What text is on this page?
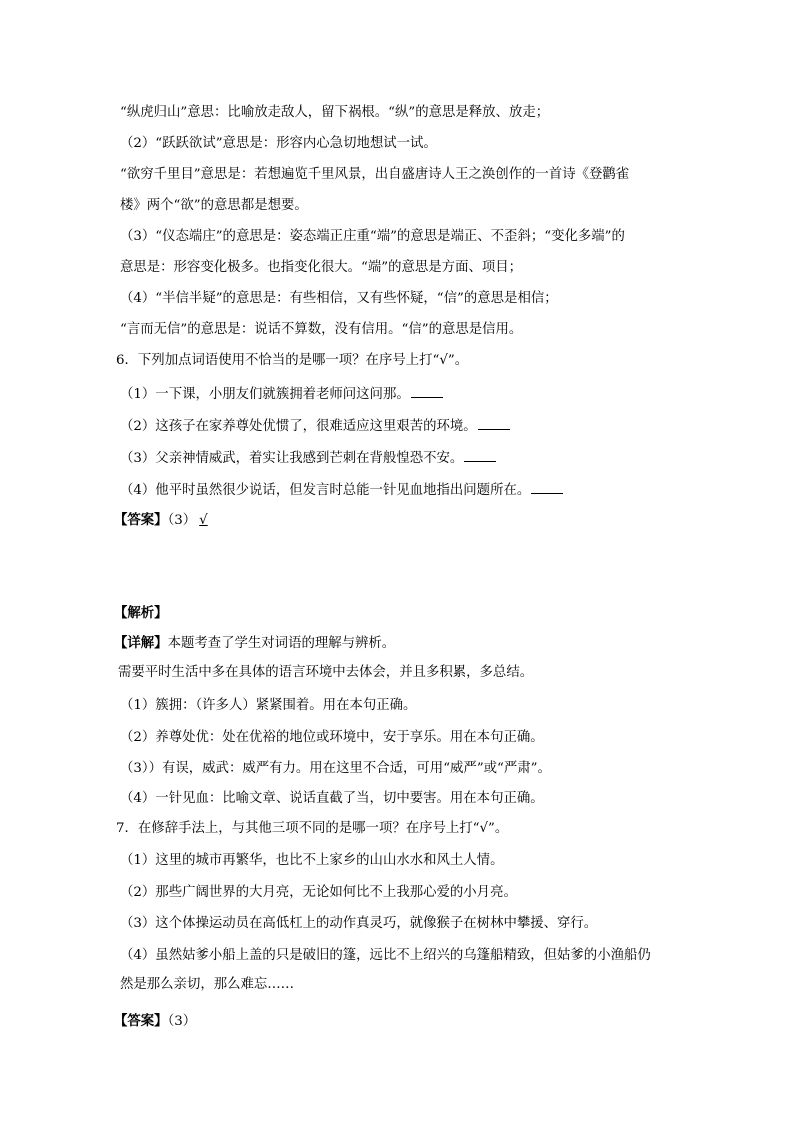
“纵虎归山”意思：比喻放走敌人，留下祸根。“纵”的意思是释放、放走；
（2）“跃跃欲试”意思是：形容内心急切地想试一试。
“欲穷千里目”意思是：若想遍览千里风景，出自盛唐诗人王之涣创作的一首诗《登鹳雀
楼》两个“欲”的意思都是想要。
（3）“仪态端庄”的意思是：姿态端正庄重“端”的意思是端正、不歪斜；“变化多端”的
意思是：形容变化极多。也指变化很大。“端”的意思是方面、项目；
（4）“半信半疑”的意思是：有些相信，又有些怀疑，“信”的意思是相信；
“言而无信”的意思是：说话不算数，没有信用。“信”的意思是信用。
6．下列加点词语使用不恰当的是哪一项？在序号上打“√”。
（1）一下课，小朋友们就簇拥着老师问这问那。
（2）这孩子在家养尊处优惯了，很难适应这里艰苦的环境。
（3）父亲神情威武，着实让我感到芒刺在背般惶恐不安。
（4）他平时虽然很少说话，但发言时总能一针见血地指出问题所在。
【答案】（3） √
【解析】
【详解】本题考查了学生对词语的理解与辨析。
需要平时生活中多在具体的语言环境中去体会，并且多积累，多总结。
（1）簇拥：（许多人）紧紧围着。用在本句正确。
（2）养尊处优：处在优裕的地位或环境中，安于享乐。用在本句正确。
（3））有误，威武：威严有力。用在这里不合适，可用“威严”或“严肃”。
（4）一针见血：比喻文章、说话直截了当，切中要害。用在本句正确。
7．在修辞手法上，与其他三项不同的是哪一项？在序号上打“√”。
（1）这里的城市再繁华，也比不上家乡的山山水水和风土人情。
（2）那些广阔世界的大月亮，无论如何比不上我那心爱的小月亮。
（3）这个体操运动员在高低杠上的动作真灵巧，就像猴子在树林中攀援、穿行。
（4）虽然姑爹小船上盖的只是破旧的篷，远比不上绍兴的乌篷船精致，但姑爹的小渔船仍
然是那么亲切，那么难忘……
【答案】（3）
